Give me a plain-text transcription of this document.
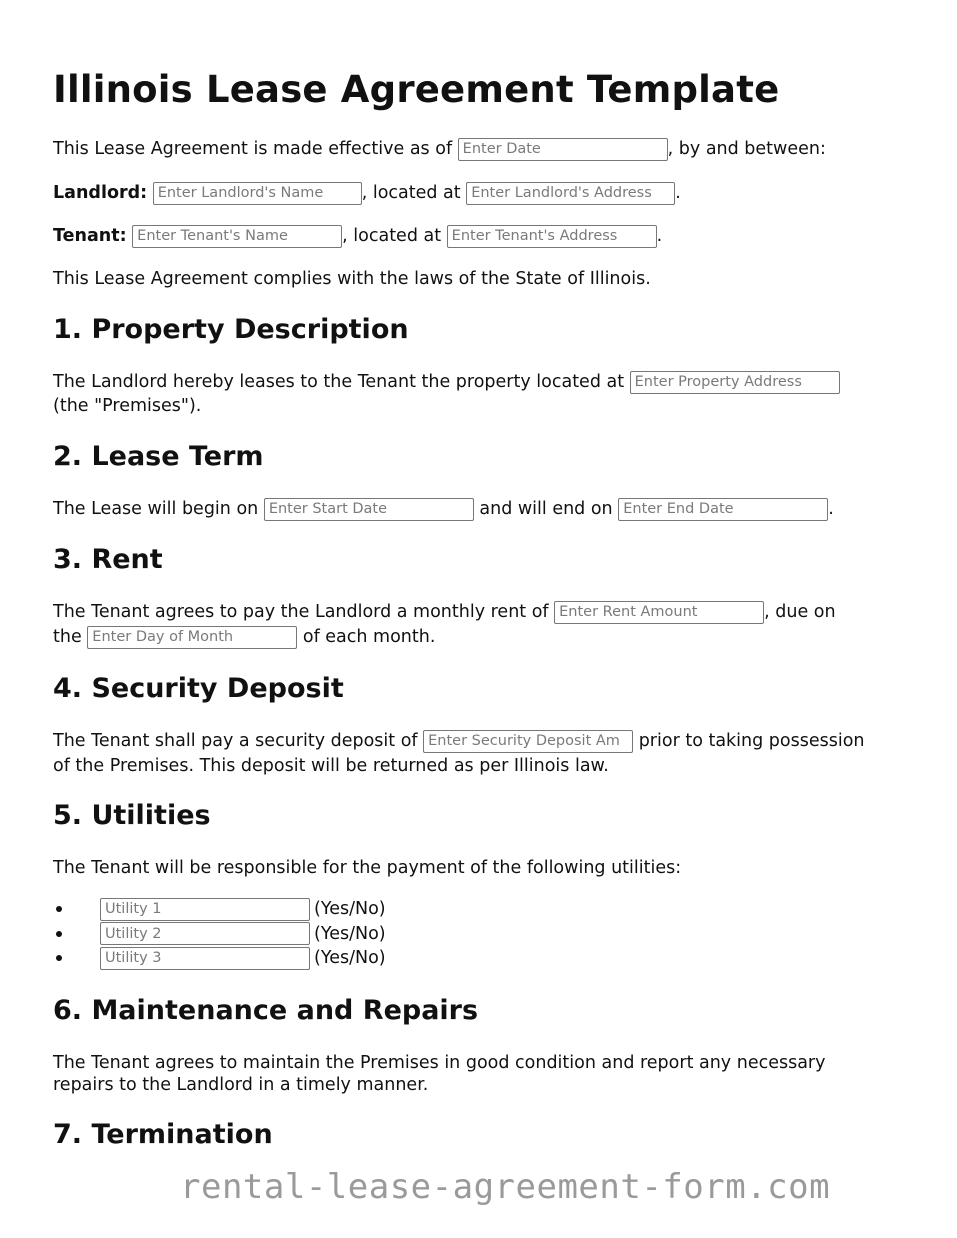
Illinois Lease Agreement Template
This Lease Agreement is made effective as of Enter Date	, by and between:
Landlord: Enter Landlord's Name	, located at Enter Landlord's Address	.
Tenant: Enter Tenant's Name	, located at Enter Tenant's Address	.
This Lease Agreement complies with the laws of the State of Illinois.
1. Property Description
The Landlord hereby leases to the Tenant the property located at Enter Property Address
(the "Premises").
2. Lease Term
The Lease will begin on Enter Start Date	and will end on Enter End Date	.
3. Rent
The Tenant agrees to pay the Landlord a monthly rent of Enter Rent Amount	, due on
the Enter Day of Month	of each month.
4. Security Deposit
The Tenant shall pay a security deposit of Enter Security Deposit Am	prior to taking possession
of the Premises. This deposit will be returned as per Illinois law.
5. Utilities
The Tenant will be responsible for the payment of the following utilities:
Utility 1(Yes/No)
Utility 2(Yes/No)
Utility 3(Yes/No)
6. Maintenance and Repairs
The Tenant agrees to maintain the Premises in good condition and report any necessary
repairs to the Landlord in a timely manner.
7. Termination
rental-lease-agreement-form.com
